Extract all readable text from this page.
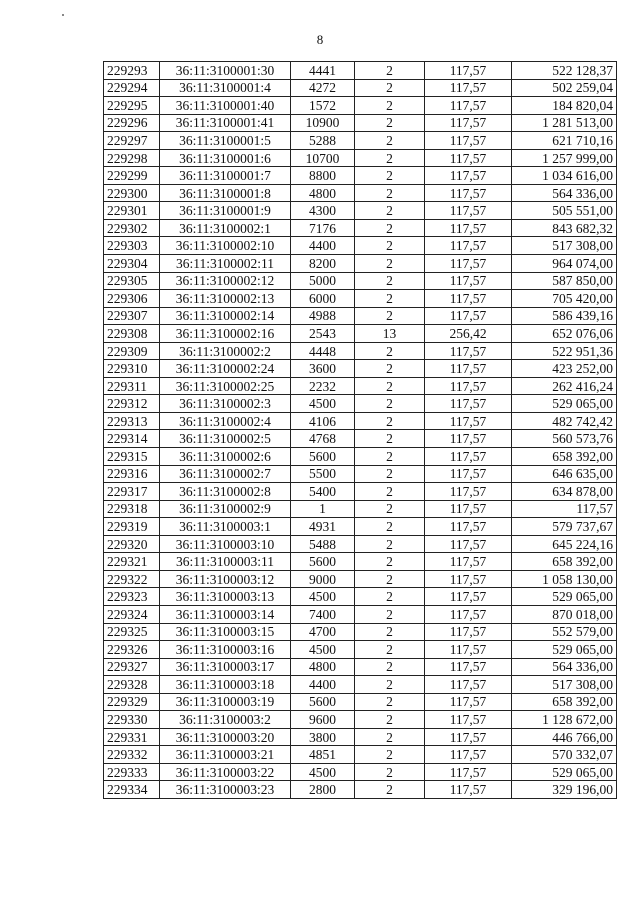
8
229293	36:11:3100001:30	4441	2	117,57	522 128,37
229294	36:11:3100001:4	4272	2	117,57	502 259,04
229295	36:11:3100001:40	1572	2	117,57	184 820,04
229296	36:11:3100001:41	10900	2	117,57	1 281 513,00
229297	36:11:3100001:5	5288	2	117,57	621 710,16
229298	36:11:3100001:6	10700	2	117,57	1 257 999,00
229299	36:11:3100001:7	8800	2	117,57	1 034 616,00
229300	36:11:3100001:8	4800	2	117,57	564 336,00
229301	36:11:3100001:9	4300	2	117,57	505 551,00
229302	36:11:3100002:1	7176	2	117,57	843 682,32
229303	36:11:3100002:10	4400	2	117,57	517 308,00
229304	36:11:3100002:11	8200	2	117,57	964 074,00
229305	36:11:3100002:12	5000	2	117,57	587 850,00
229306	36:11:3100002:13	6000	2	117,57	705 420,00
229307	36:11:3100002:14	4988	2	117,57	586 439,16
229308	36:11:3100002:16	2543	13	256,42	652 076,06
229309	36:11:3100002:2	4448	2	117,57	522 951,36
229310	36:11:3100002:24	3600	2	117,57	423 252,00
229311	36:11:3100002:25	2232	2	117,57	262 416,24
229312	36:11:3100002:3	4500	2	117,57	529 065,00
229313	36:11:3100002:4	4106	2	117,57	482 742,42
229314	36:11:3100002:5	4768	2	117,57	560 573,76
229315	36:11:3100002:6	5600	2	117,57	658 392,00
229316	36:11:3100002:7	5500	2	117,57	646 635,00
229317	36:11:3100002:8	5400	2	117,57	634 878,00
229318	36:11:3100002:9	1	2	117,57	117,57
229319	36:11:3100003:1	4931	2	117,57	579 737,67
229320	36:11:3100003:10	5488	2	117,57	645 224,16
229321	36:11:3100003:11	5600	2	117,57	658 392,00
229322	36:11:3100003:12	9000	2	117,57	1 058 130,00
229323	36:11:3100003:13	4500	2	117,57	529 065,00
229324	36:11:3100003:14	7400	2	117,57	870 018,00
229325	36:11:3100003:15	4700	2	117,57	552 579,00
229326	36:11:3100003:16	4500	2	117,57	529 065,00
229327	36:11:3100003:17	4800	2	117,57	564 336,00
229328	36:11:3100003:18	4400	2	117,57	517 308,00
229329	36:11:3100003:19	5600	2	117,57	658 392,00
229330	36:11:3100003:2	9600	2	117,57	1 128 672,00
229331	36:11:3100003:20	3800	2	117,57	446 766,00
229332	36:11:3100003:21	4851	2	117,57	570 332,07
229333	36:11:3100003:22	4500	2	117,57	529 065,00
229334	36:11:3100003:23	2800	2	117,57	329 196,00
